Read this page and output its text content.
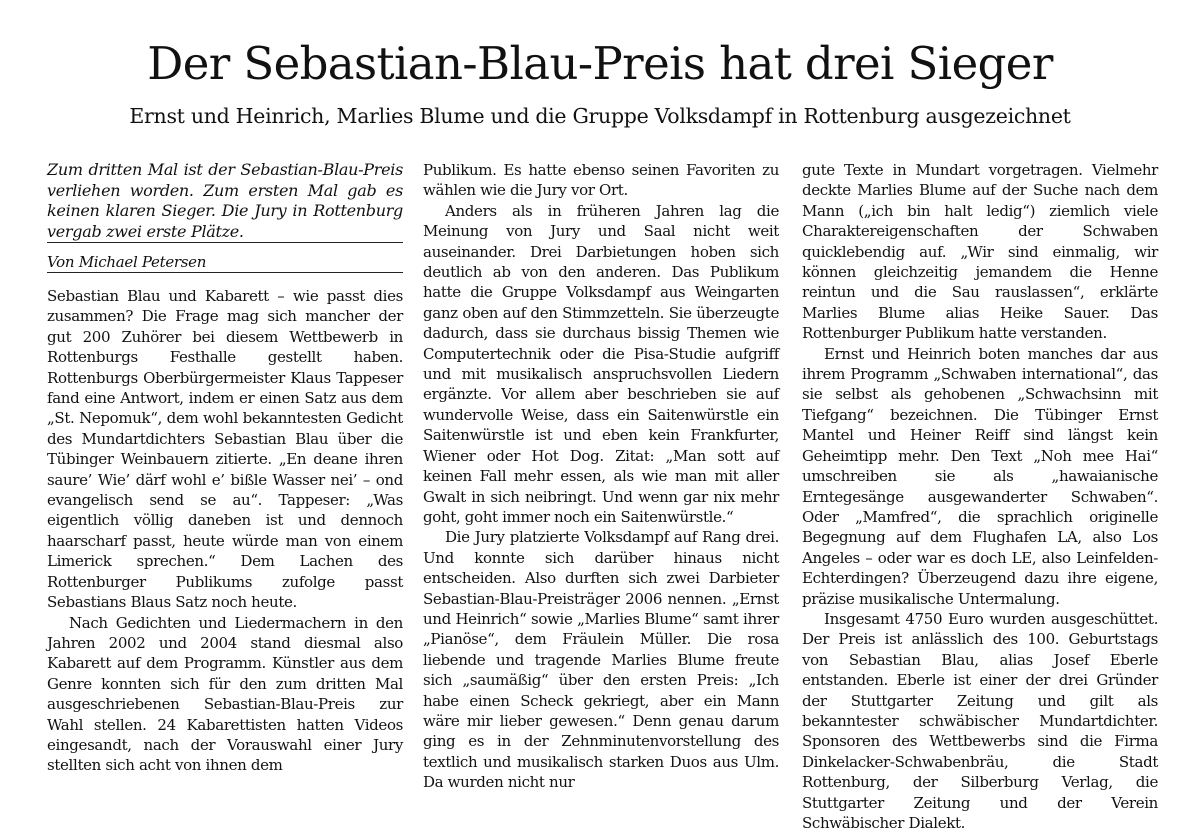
Der Sebastian-Blau-Preis hat drei Sieger
Ernst und Heinrich, Marlies Blume und die Gruppe Volksdampf in Rottenburg ausgezeichnet

Zum dritten Mal ist der Sebastian-Blau-Preis verliehen worden. Zum ersten Mal gab es keinen klaren Sieger. Die Jury in Rottenburg vergab zwei erste Plätze.

Von Michael Petersen

Sebastian Blau und Kabarett – wie passt dies zusammen? Die Frage mag sich mancher der gut 200 Zuhörer bei diesem Wettbewerb in Rottenburgs Festhalle gestellt haben. Rottenburgs Oberbürgermeister Klaus Tappeser fand eine Antwort, indem er einen Satz aus dem „St. Nepomuk“, dem wohl bekanntesten Gedicht des Mundartdichters Sebastian Blau über die Tübinger Weinbauern zitierte. „En deane ihren saure’ Wie’ därf wohl e’ bißle Wasser nei’ – ond evangelisch send se au“. Tappeser: „Was eigentlich völlig daneben ist und dennoch haarscharf passt, heute würde man von einem Limerick sprechen.“ Dem Lachen des Rottenburger Publikums zufolge passt Sebastians Blaus Satz noch heute.

Nach Gedichten und Liedermachern in den Jahren 2002 und 2004 stand diesmal also Kabarett auf dem Programm. Künstler aus dem Genre konnten sich für den zum dritten Mal ausgeschriebenen Sebastian-Blau-Preis zur Wahl stellen. 24 Kabarettisten hatten Videos eingesandt, nach der Vorauswahl einer Jury stellten sich acht von ihnen dem

Publikum. Es hatte ebenso seinen Favoriten zu wählen wie die Jury vor Ort.

Anders als in früheren Jahren lag die Meinung von Jury und Saal nicht weit auseinander. Drei Darbietungen hoben sich deutlich ab von den anderen. Das Publikum hatte die Gruppe Volksdampf aus Weingarten ganz oben auf den Stimmzetteln. Sie überzeugte dadurch, dass sie durchaus bissig Themen wie Computertechnik oder die Pisa-Studie aufgriff und mit musikalisch anspruchsvollen Liedern ergänzte. Vor allem aber beschrieben sie auf wundervolle Weise, dass ein Saitenwürstle ein Saitenwürstle ist und eben kein Frankfurter, Wiener oder Hot Dog. Zitat: „Man sott auf keinen Fall mehr essen, als wie man mit aller Gwalt in sich neibringt. Und wenn gar nix mehr goht, goht immer noch ein Saitenwürstle.“

Die Jury platzierte Volksdampf auf Rang drei. Und konnte sich darüber hinaus nicht entscheiden. Also durften sich zwei Darbieter Sebastian-Blau-Preisträger 2006 nennen. „Ernst und Heinrich“ sowie „Marlies Blume“ samt ihrer „Pianöse“, dem Fräulein Müller. Die rosa liebende und tragende Marlies Blume freute sich „saumäßig“ über den ersten Preis: „Ich habe einen Scheck gekriegt, aber ein Mann wäre mir lieber gewesen.“ Denn genau darum ging es in der Zehnminutenvorstellung des textlich und musikalisch starken Duos aus Ulm. Da wurden nicht nur

gute Texte in Mundart vorgetragen. Vielmehr deckte Marlies Blume auf der Suche nach dem Mann („ich bin halt ledig“) ziemlich viele Charaktereigenschaften der Schwaben quicklebendig auf. „Wir sind einmalig, wir können gleichzeitig jemandem die Henne reintun und die Sau rauslassen“, erklärte Marlies Blume alias Heike Sauer. Das Rottenburger Publikum hatte verstanden.

Ernst und Heinrich boten manches dar aus ihrem Programm „Schwaben international“, das sie selbst als gehobenen „Schwachsinn mit Tiefgang“ bezeichnen. Die Tübinger Ernst Mantel und Heiner Reiff sind längst kein Geheimtipp mehr. Den Text „Noh mee Hai“ umschreiben sie als „hawaianische Erntegesänge ausgewanderter Schwaben“. Oder „Mamfred“, die sprachlich originelle Begegnung auf dem Flughafen LA, also Los Angeles – oder war es doch LE, also Leinfelden-Echterdingen? Überzeugend dazu ihre eigene, präzise musikalische Untermalung.

Insgesamt 4750 Euro wurden ausgeschüttet. Der Preis ist anlässlich des 100. Geburtstags von Sebastian Blau, alias Josef Eberle entstanden. Eberle ist einer der drei Gründer der Stuttgarter Zeitung und gilt als bekanntester schwäbischer Mundartdichter. Sponsoren des Wettbewerbs sind die Firma Dinkelacker-Schwabenbräu, die Stadt Rottenburg, der Silberburg Verlag, die Stuttgarter Zeitung und der Verein Schwäbischer Dialekt.
